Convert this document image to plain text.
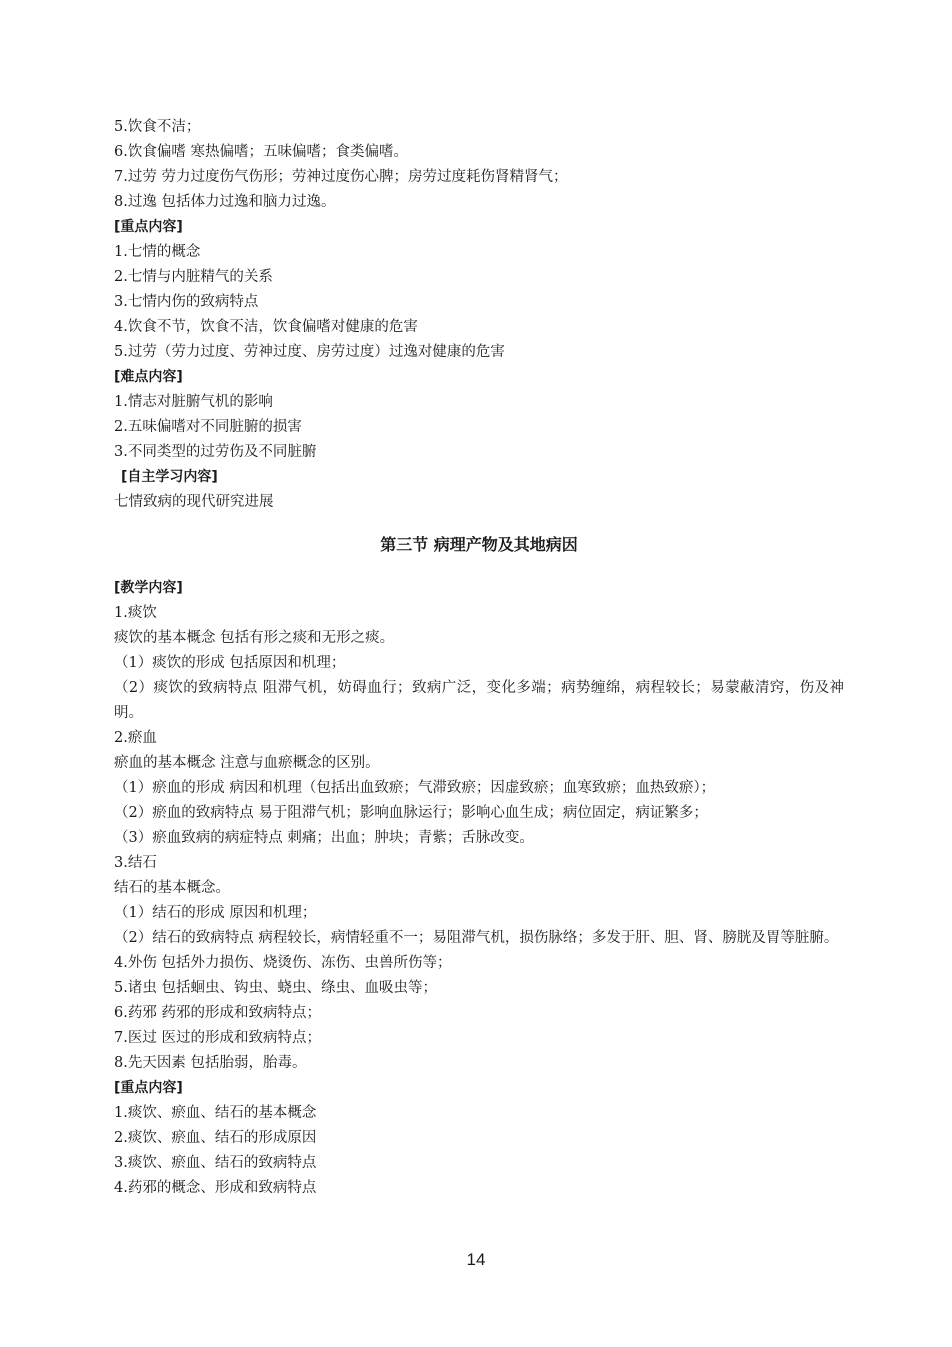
5.饮食不洁；

6.饮食偏嗜 寒热偏嗜；五味偏嗜；食类偏嗜。

7.过劳 劳力过度伤气伤形；劳神过度伤心脾；房劳过度耗伤肾精肾气；

8.过逸 包括体力过逸和脑力过逸。

[重点内容]

1.七情的概念

2.七情与内脏精气的关系

3.七情内伤的致病特点

4.饮食不节，饮食不洁，饮食偏嗜对健康的危害

5.过劳（劳力过度、劳神过度、房劳过度）过逸对健康的危害

[难点内容]

1.情志对脏腑气机的影响

2.五味偏嗜对不同脏腑的损害

3.不同类型的过劳伤及不同脏腑

[自主学习内容]

七情致病的现代研究进展

第三节 病理产物及其地病因

[教学内容]

1.痰饮

痰饮的基本概念 包括有形之痰和无形之痰。

（1）痰饮的形成 包括原因和机理；

（2）痰饮的致病特点 阻滞气机，妨碍血行；致病广泛，变化多端；病势缠绵，病程较长；易蒙蔽清窍，伤及神明。

2.瘀血

瘀血的基本概念 注意与血瘀概念的区别。

（1）瘀血的形成 病因和机理（包括出血致瘀；气滞致瘀；因虚致瘀；血寒致瘀；血热致瘀）；

（2）瘀血的致病特点 易于阻滞气机；影响血脉运行；影响心血生成；病位固定，病证繁多；

（3）瘀血致病的病症特点 刺痛；出血；肿块；青紫；舌脉改变。

3.结石

结石的基本概念。

（1）结石的形成 原因和机理；

（2）结石的致病特点 病程较长，病情轻重不一；易阻滞气机，损伤脉络；多发于肝、胆、肾、膀胱及胃等脏腑。

4.外伤 包括外力损伤、烧烫伤、冻伤、虫兽所伤等；

5.诸虫 包括蛔虫、钩虫、蛲虫、绦虫、血吸虫等；

6.药邪 药邪的形成和致病特点；

7.医过 医过的形成和致病特点；

8.先天因素 包括胎弱，胎毒。

[重点内容]

1.痰饮、瘀血、结石的基本概念

2.痰饮、瘀血、结石的形成原因

3.痰饮、瘀血、结石的致病特点

4.药邪的概念、形成和致病特点

14
